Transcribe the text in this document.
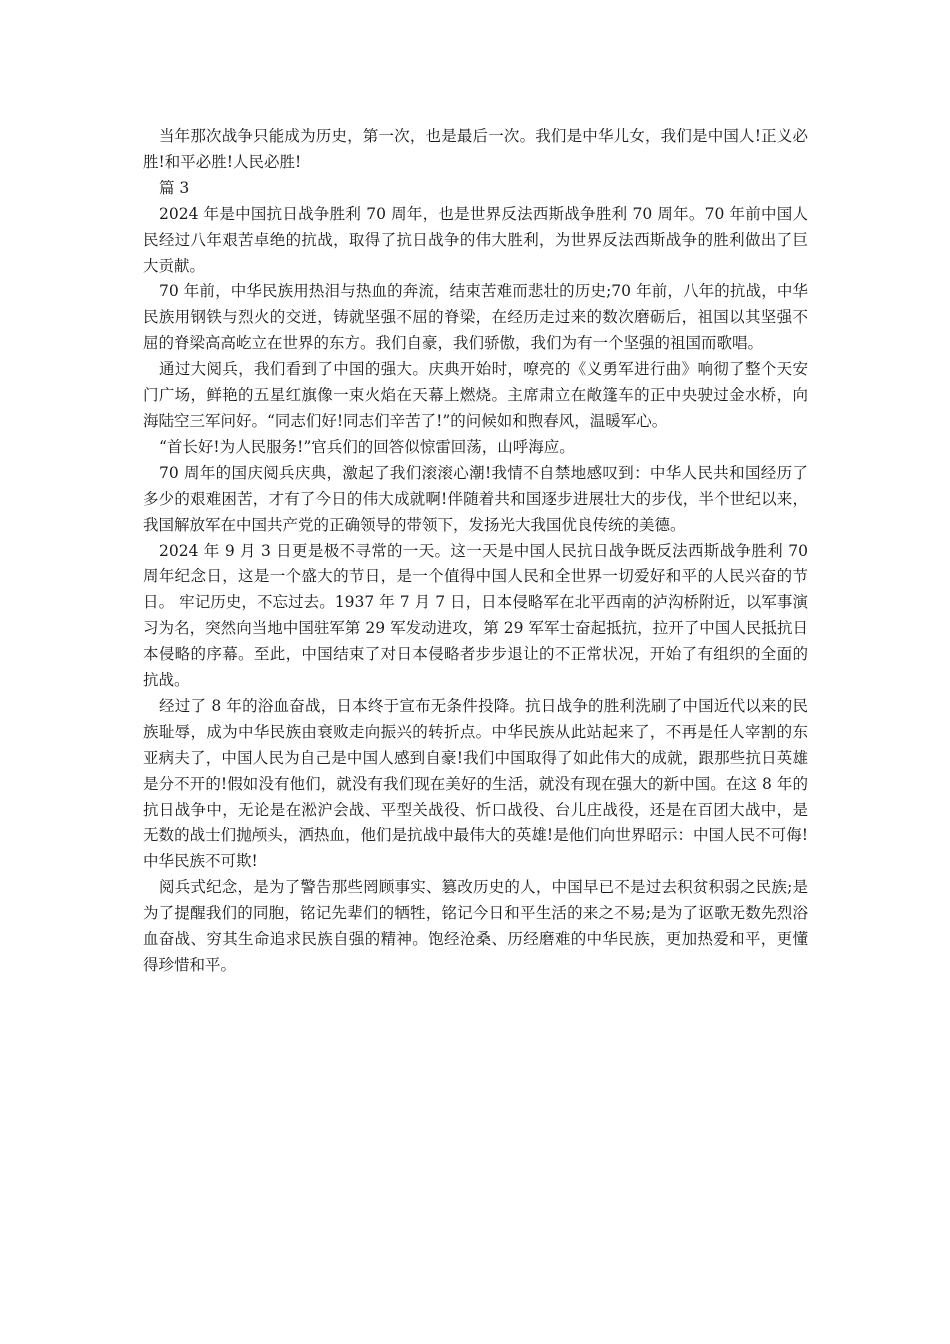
当年那次战争只能成为历史，第一次，也是最后一次。我们是中华儿女，我们是中国人!正义必胜!和平必胜!人民必胜!

篇 3

2024 年是中国抗日战争胜利 70 周年，也是世界反法西斯战争胜利 70 周年。70 年前中国人民经过八年艰苦卓绝的抗战，取得了抗日战争的伟大胜利，为世界反法西斯战争的胜利做出了巨大贡献。

70 年前，中华民族用热泪与热血的奔流，结束苦难而悲壮的历史;70 年前，八年的抗战，中华民族用钢铁与烈火的交迸，铸就坚强不屈的脊梁，在经历走过来的数次磨砺后，祖国以其坚强不屈的脊梁高高屹立在世界的东方。我们自豪，我们骄傲，我们为有一个坚强的祖国而歌唱。

通过大阅兵，我们看到了中国的强大。庆典开始时，嘹亮的《义勇军进行曲》响彻了整个天安门广场，鲜艳的五星红旗像一束火焰在天幕上燃烧。主席肃立在敞篷车的正中央驶过金水桥，向海陆空三军问好。“同志们好!同志们辛苦了!”的问候如和煦春风，温暖军心。

“首长好!为人民服务!”官兵们的回答似惊雷回荡，山呼海应。

70 周年的国庆阅兵庆典，激起了我们滚滚心潮!我情不自禁地感叹到：中华人民共和国经历了多少的艰难困苦，才有了今日的伟大成就啊!伴随着共和国逐步进展壮大的步伐，半个世纪以来，我国解放军在中国共产党的正确领导的带领下，发扬光大我国优良传统的美德。

2024 年 9 月 3 日更是极不寻常的一天。这一天是中国人民抗日战争既反法西斯战争胜利 70 周年纪念日，这是一个盛大的节日，是一个值得中国人民和全世界一切爱好和平的人民兴奋的节日。 牢记历史，不忘过去。1937 年 7 月 7 日，日本侵略军在北平西南的泸沟桥附近，以军事演习为名，突然向当地中国驻军第 29 军发动进攻，第 29 军军士奋起抵抗，拉开了中国人民抵抗日本侵略的序幕。至此，中国结束了对日本侵略者步步退让的不正常状况，开始了有组织的全面的抗战。

经过了 8 年的浴血奋战，日本终于宣布无条件投降。抗日战争的胜利洗刷了中国近代以来的民族耻辱，成为中华民族由衰败走向振兴的转折点。中华民族从此站起来了，不再是任人宰割的东亚病夫了，中国人民为自己是中国人感到自豪!我们中国取得了如此伟大的成就，跟那些抗日英雄是分不开的!假如没有他们，就没有我们现在美好的生活，就没有现在强大的新中国。在这 8 年的抗日战争中，无论是在淞沪会战、平型关战役、忻口战役、台儿庄战役，还是在百团大战中，是无数的战士们抛颅头，洒热血，他们是抗战中最伟大的英雄!是他们向世界昭示：中国人民不可侮!中华民族不可欺!

阅兵式纪念，是为了警告那些罔顾事实、篡改历史的人，中国早已不是过去积贫积弱之民族;是为了提醒我们的同胞，铭记先辈们的牺牲，铭记今日和平生活的来之不易;是为了讴歌无数先烈浴血奋战、穷其生命追求民族自强的精神。饱经沧桑、历经磨难的中华民族，更加热爱和平，更懂得珍惜和平。
